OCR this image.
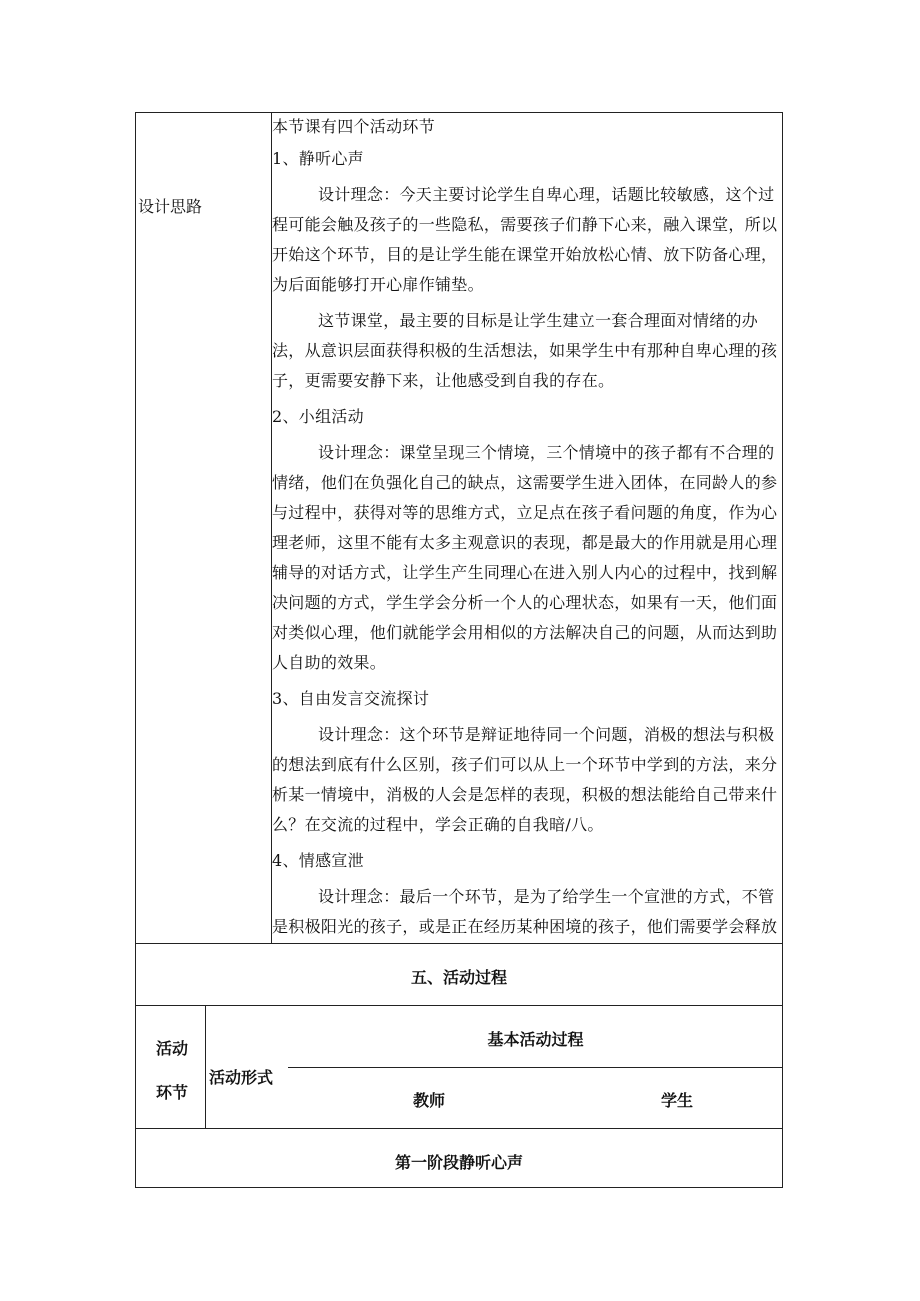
设计思路

本节课有四个活动环节

1、静听心声

设计理念：今天主要讨论学生自卑心理，话题比较敏感，这个过程可能会触及孩子的一些隐私，需要孩子们静下心来，融入课堂，所以开始这个环节，目的是让学生能在课堂开始放松心情、放下防备心理，为后面能够打开心扉作铺垫。

这节课堂，最主要的目标是让学生建立一套合理面对情绪的办法，从意识层面获得积极的生活想法，如果学生中有那种自卑心理的孩子，更需要安静下来，让他感受到自我的存在。

2、小组活动

设计理念：课堂呈现三个情境，三个情境中的孩子都有不合理的情绪，他们在负强化自己的缺点，这需要学生进入团体，在同龄人的参与过程中，获得对等的思维方式，立足点在孩子看问题的角度，作为心理老师，这里不能有太多主观意识的表现，都是最大的作用就是用心理辅导的对话方式，让学生产生同理心在进入别人内心的过程中，找到解决问题的方式，学生学会分析一个人的心理状态，如果有一天，他们面对类似心理，他们就能学会用相似的方法解决自己的问题，从而达到助人自助的效果。

3、自由发言交流探讨

设计理念：这个环节是辩证地待同一个问题，消极的想法与积极的想法到底有什么区别，孩子们可以从上一个环节中学到的方法，来分析某一情境中，消极的人会是怎样的表现，积极的想法能给自己带来什么？在交流的过程中，学会正确的自我暗/八。

4、情感宣泄

设计理念：最后一个环节，是为了给学生一个宣泄的方式，不管是积极阳光的孩子，或是正在经历某种困境的孩子，他们需要学会释放

五、活动过程
活动
环节
活动形式
基本活动过程
教师	学生
第一阶段静听心声
